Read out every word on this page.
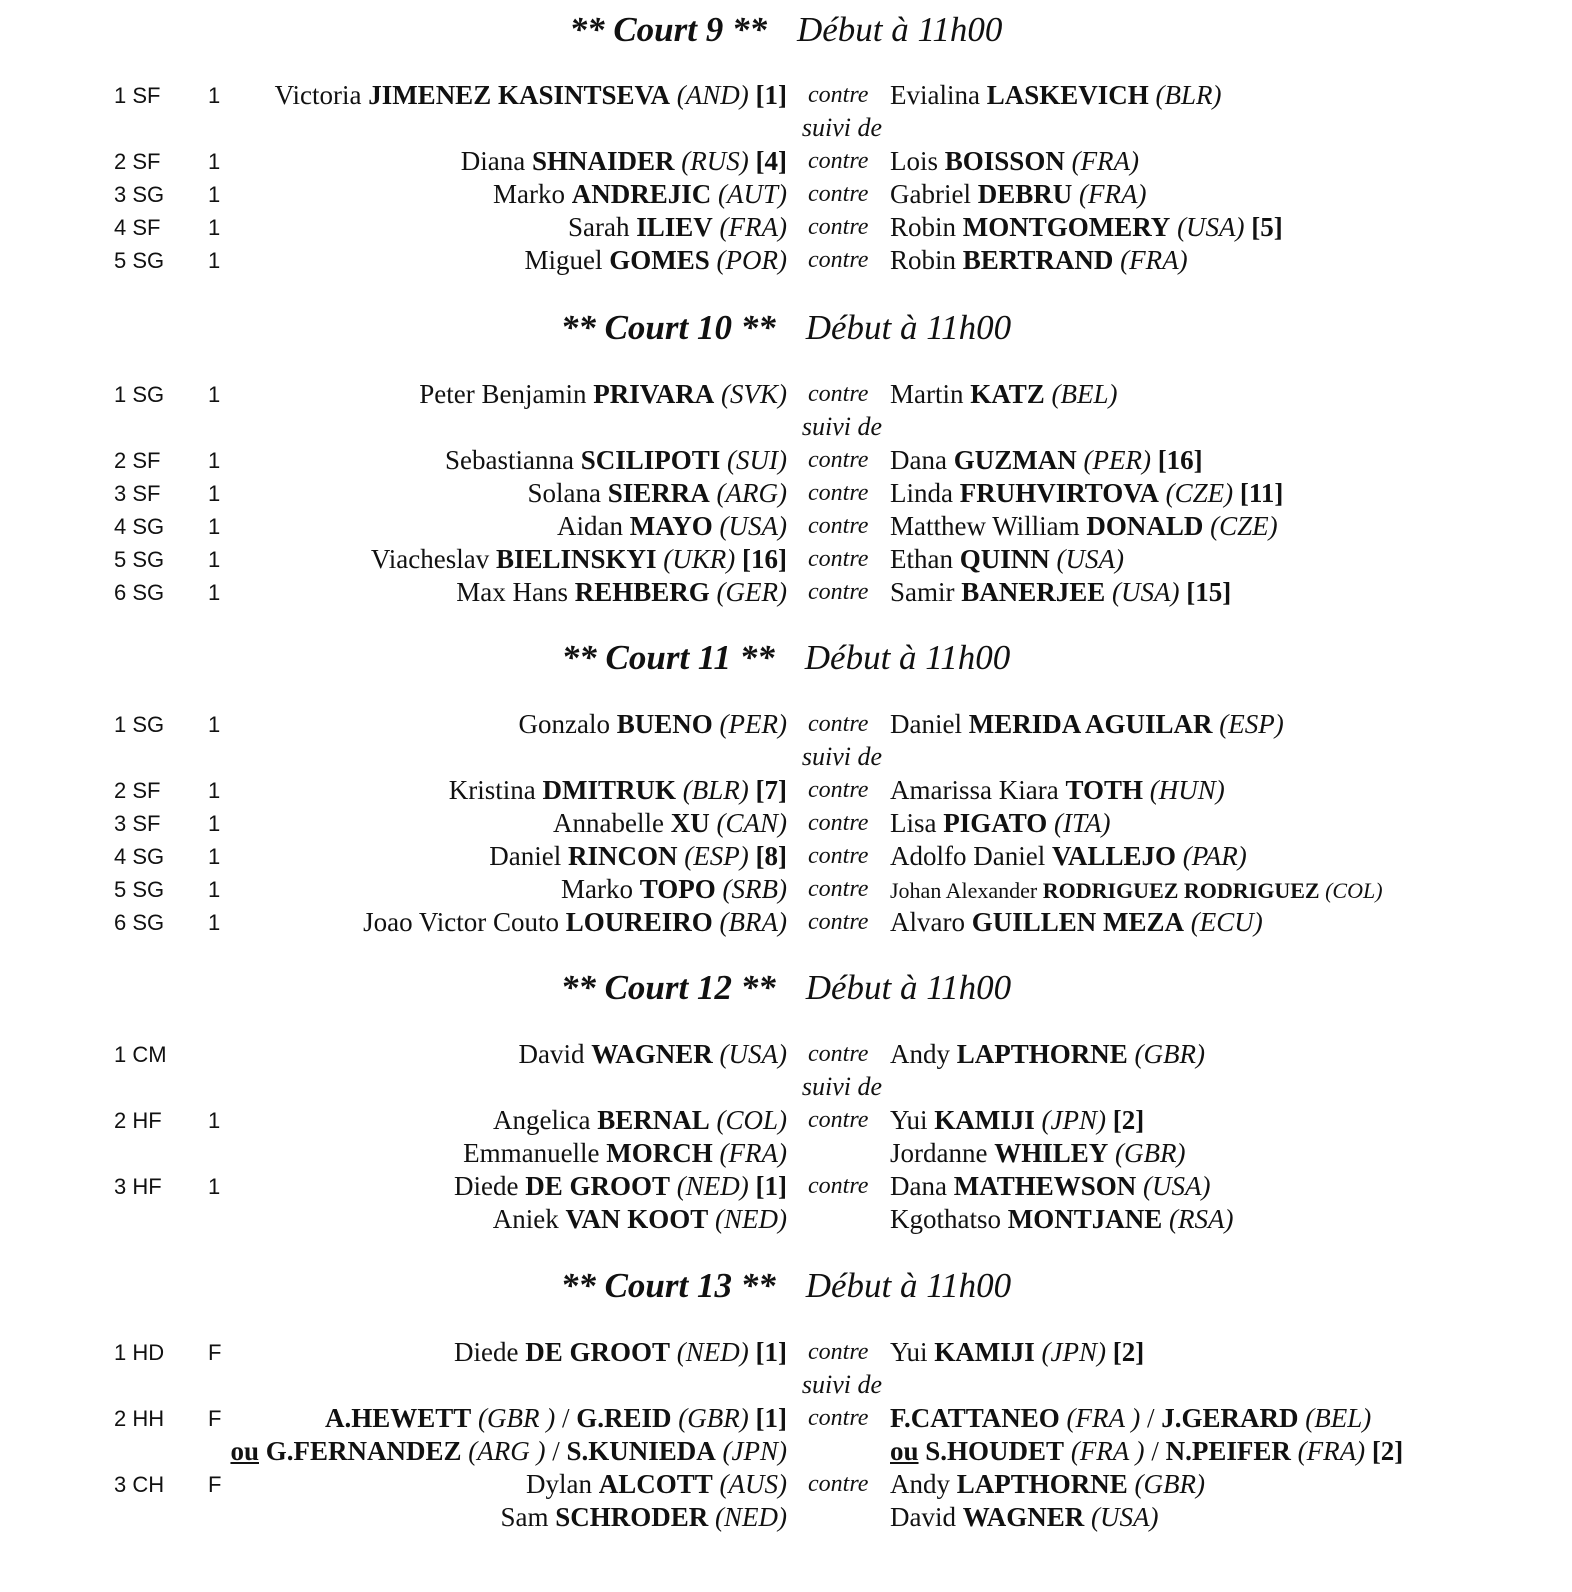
** Court 9 ** Début à 11h00
1 SF 1 Victoria JIMENEZ KASINTSEVA (AND) [1] contre Evialina LASKEVICH (BLR)
suivi de
2 SF 1	Diana SHNAIDER (RUS) [4] contre Lois BOISSON (FRA)
3 SG 1	Marko ANDREJIC (AUT) contre Gabriel DEBRU (FRA)
4 SF 1	Sarah ILIEV (FRA) contre Robin MONTGOMERY (USA) [5]
5 SG 1	Miguel GOMES (POR) contre Robin BERTRAND (FRA)
** Court 10 ** Début à 11h00
1 SG 1	Peter Benjamin PRIVARA (SVK) contre Martin KATZ (BEL)
suivi de
2 SF 1	Sebastianna SCILIPOTI (SUI) contre Dana GUZMAN (PER) [16]
3 SF 1	Solana SIERRA (ARG) contre Linda FRUHVIRTOVA (CZE) [11]
4 SG 1	Aidan MAYO (USA) contre Matthew William DONALD (CZE)
5 SG 1	Viacheslav BIELINSKYI (UKR) [16] contre Ethan QUINN (USA)
6 SG 1	Max Hans REHBERG (GER) contre Samir BANERJEE (USA) [15]
** Court 11 ** Début à 11h00
1 SG 1	Gonzalo BUENO (PER) contre Daniel MERIDA AGUILAR (ESP)
suivi de
2 SF 1	Kristina DMITRUK (BLR) [7] contre Amarissa Kiara TOTH (HUN)
3 SF 1	Annabelle XU (CAN) contre Lisa PIGATO (ITA)
4 SG 1	Daniel RINCON (ESP) [8] contre Adolfo Daniel VALLEJO (PAR)
5 SG 1	Marko TOPO (SRB) contre Johan Alexander RODRIGUEZ RODRIGUEZ (COL)
6 SG 1	Joao Victor Couto LOUREIRO (BRA) contre Alvaro GUILLEN MEZA (ECU)
** Court 12 ** Début à 11h00
1 CM	David WAGNER (USA) contre Andy LAPTHORNE (GBR)
suivi de
2 HF 1	Angelica BERNAL (COL) contre Yui KAMIJI (JPN) [2]
Emmanuelle MORCH (FRA)	Jordanne WHILEY (GBR)
3 HF 1	Diede DE GROOT (NED) [1] contre Dana MATHEWSON (USA)
Aniek VAN KOOT (NED)	Kgothatso MONTJANE (RSA)
** Court 13 ** Début à 11h00
1 HD F	Diede DE GROOT (NED) [1] contre Yui KAMIJI (JPN) [2]
suivi de
2 HH F	A.HEWETT (GBR ) / G.REID (GBR) [1] contre F.CATTANEO (FRA ) / J.GERARD (BEL)
ou G.FERNANDEZ (ARG ) / S.KUNIEDA (JPN)	ou S.HOUDET (FRA ) / N.PEIFER (FRA) [2]
3 CH F	Dylan ALCOTT (AUS) contre Andy LAPTHORNE (GBR)
Sam SCHRODER (NED)	David WAGNER (USA)
